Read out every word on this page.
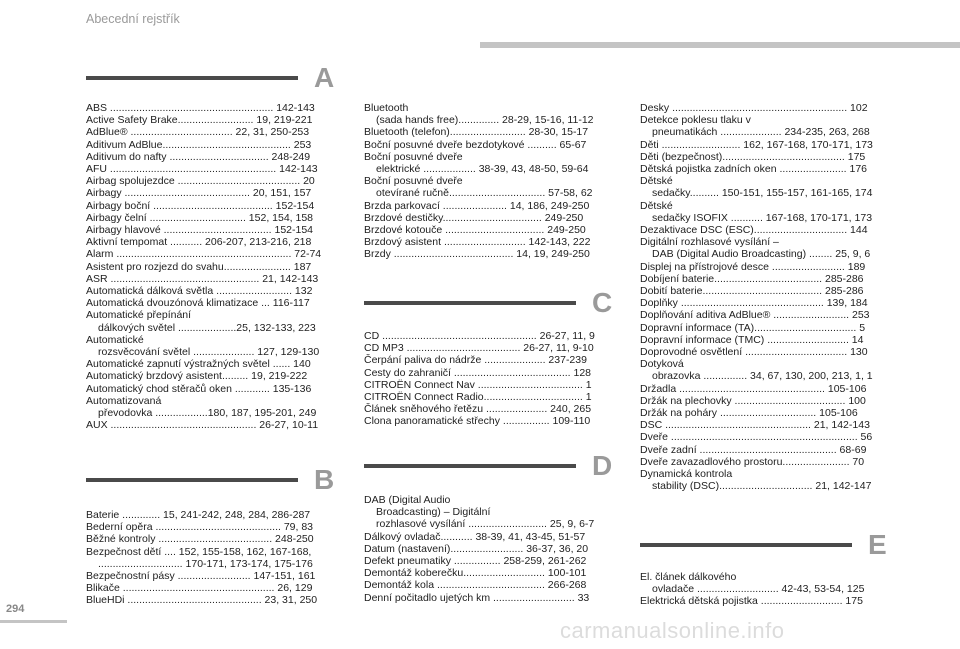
Abecední rejstřík
A
ABS ........................................................ 142-143
Active Safety Brake.......................... 19, 219-221
AdBlue® ................................... 22, 31, 250-253
Aditivum AdBlue............................................ 253
Aditivum do nafty .................................. 248-249
AFU ......................................................... 142-143
Airbag spolujezdce .......................................... 20
Airbagy ........................................... 20, 151, 157
Airbagy boční ......................................... 152-154
Airbagy čelní ................................. 152, 154, 158
Airbagy hlavové ..................................... 152-154
Aktivní tempomat ........... 206-207, 213-216, 218
Alarm ............................................................ 72-74
Asistent pro rozjezd do svahu....................... 187
ASR ................................................... 21, 142-143
Automatická dálková světla .......................... 132
Automatická dvouzónová klimatizace ... 116-117
Automatické přepínání
dálkových světel ....................25, 132-133, 223
Automatické
rozsvěcování světel ..................... 127, 129-130
Automatické zapnutí výstražných světel ...... 140
Automatický brzdový asistent......... 19, 219-222
Automatický chod stěračů oken ............ 135-136
Automatizovaná
převodovka ..................180, 187, 195-201, 249
AUX .................................................. 26-27, 10-11
B
Baterie ............. 15, 241-242, 248, 284, 286-287
Bederní opěra ........................................... 79, 83
Běžné kontroly ....................................... 248-250
Bezpečnost dětí .... 152, 155-158, 162, 167-168,
............................. 170-171, 173-174, 175-176
Bezpečnostní pásy ......................... 147-151, 161
Blikače .................................................... 26, 129
BlueHDi .............................................. 23, 31, 250
Bluetooth
(sada hands free).............. 28-29, 15-16, 11-12
Bluetooth (telefon).......................... 28-30, 15-17
Boční posuvné dveře bezdotykové .......... 65-67
Boční posuvné dveře
elektrické .................. 38-39, 43, 48-50, 59-64
Boční posuvné dveře
otevírané ručně................................. 57-58, 62
Brzda parkovací ...................... 14, 186, 249-250
Brzdové destičky.................................. 249-250
Brzdové kotouče .................................. 249-250
Brzdový asistent ............................ 142-143, 222
Brzdy ......................................... 14, 19, 249-250
C
CD ..................................................... 26-27, 11, 9
CD MP3 ....................................... 26-27, 11, 9-10
Čerpání paliva do nádrže ..................... 237-239
Cesty do zahraničí ........................................ 128
CITROËN Connect Nav .................................... 1
CITROËN Connect Radio.................................. 1
Článek sněhového řetězu ..................... 240, 265
Clona panoramatické střechy ................ 109-110
D
DAB (Digital Audio
Broadcasting) – Digitální
rozhlasové vysílání ........................... 25, 9, 6-7
Dálkový ovladač........... 38-39, 41, 43-45, 51-57
Datum (nastavení)......................... 36-37, 36, 20
Defekt pneumatiky ................ 258-259, 261-262
Demontáž koberečku............................ 100-101
Demontáž kola ..................................... 266-268
Denní počitadlo ujetých km ............................ 33
Desky ............................................................ 102
Detekce poklesu tlaku v
pneumatikách ..................... 234-235, 263, 268
Děti ........................... 162, 167-168, 170-171, 173
Děti (bezpečnost).......................................... 175
Dětská pojistka zadních oken ....................... 176
Dětské
sedačky.......... 150-151, 155-157, 161-165, 174
Dětské
sedačky ISOFIX ........... 167-168, 170-171, 173
Dezaktivace DSC (ESC)................................ 144
Digitální rozhlasové vysílání –
DAB (Digital Audio Broadcasting) ........ 25, 9, 6
Displej na přístrojové desce ......................... 189
Dobíjení baterie..................................... 285-286
Dobití baterie......................................... 285-286
Doplňky ................................................. 139, 184
Doplňování aditiva AdBlue® .......................... 253
Dopravní informace (TA)................................... 5
Dopravní informace (TMC) ............................ 14
Doprovodné osvětlení ................................... 130
Dotyková
obrazovka ............... 34, 67, 130, 200, 213, 1, 1
Držadla .................................................. 105-106
Držák na plechovky ...................................... 100
Držák na poháry ................................. 105-106
DSC .................................................. 21, 142-143
Dveře ................................................................ 56
Dveře zadní ............................................... 68-69
Dveře zavazadlového prostoru....................... 70
Dynamická kontrola
stability (DSC)................................ 21, 142-147
E
El. článek dálkového
ovladače ............................ 42-43, 53-54, 125
Elektrická dětská pojistka ............................ 175
294
carmanualsonline.info
